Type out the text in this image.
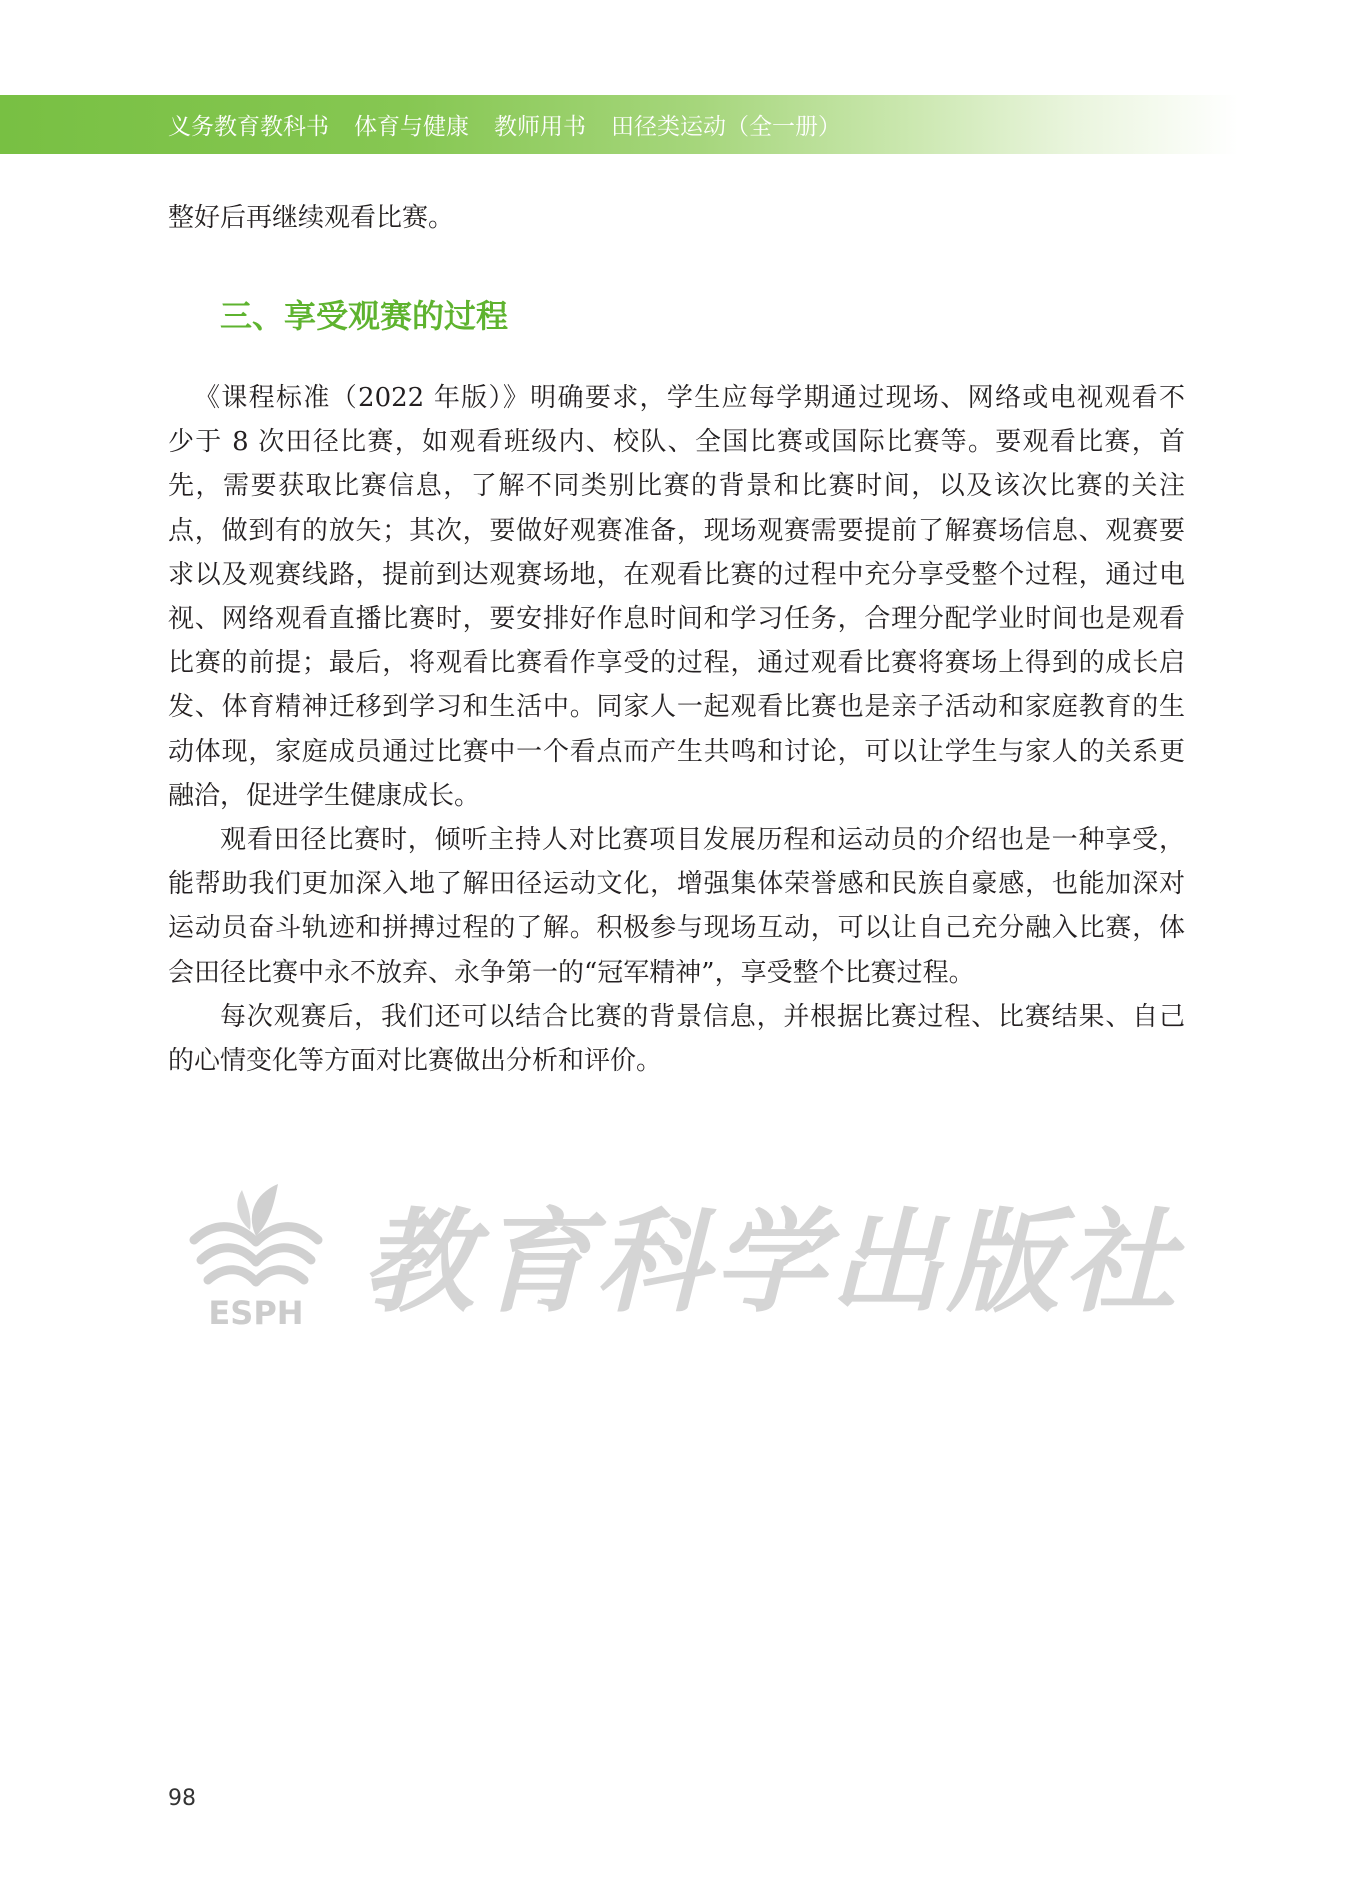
义务教育教科书 体育与健康 教师用书 田径类运动（全一册）
整好后再继续观看比赛。
三、享受观赛的过程
《课程标准（2022 年版）》明确要求，学生应每学期通过现场、网络或电视观看不
少于 8 次田径比赛，如观看班级内、校队、全国比赛或国际比赛等。要观看比赛，首
先，需要获取比赛信息，了解不同类别比赛的背景和比赛时间，以及该次比赛的关注
点，做到有的放矢；其次，要做好观赛准备，现场观赛需要提前了解赛场信息、观赛要
求以及观赛线路，提前到达观赛场地，在观看比赛的过程中充分享受整个过程，通过电
视、网络观看直播比赛时，要安排好作息时间和学习任务，合理分配学业时间也是观看
比赛的前提；最后，将观看比赛看作享受的过程，通过观看比赛将赛场上得到的成长启
发、体育精神迁移到学习和生活中。同家人一起观看比赛也是亲子活动和家庭教育的生
动体现，家庭成员通过比赛中一个看点而产生共鸣和讨论，可以让学生与家人的关系更
融洽，促进学生健康成长。
观看田径比赛时，倾听主持人对比赛项目发展历程和运动员的介绍也是一种享受，
能帮助我们更加深入地了解田径运动文化，增强集体荣誉感和民族自豪感，也能加深对
运动员奋斗轨迹和拼搏过程的了解。积极参与现场互动，可以让自己充分融入比赛，体
会田径比赛中永不放弃、永争第一的“冠军精神”，享受整个比赛过程。
每次观赛后，我们还可以结合比赛的背景信息，并根据比赛过程、比赛结果、自己
的心情变化等方面对比赛做出分析和评价。
ESPH 教育科学出版社
98
